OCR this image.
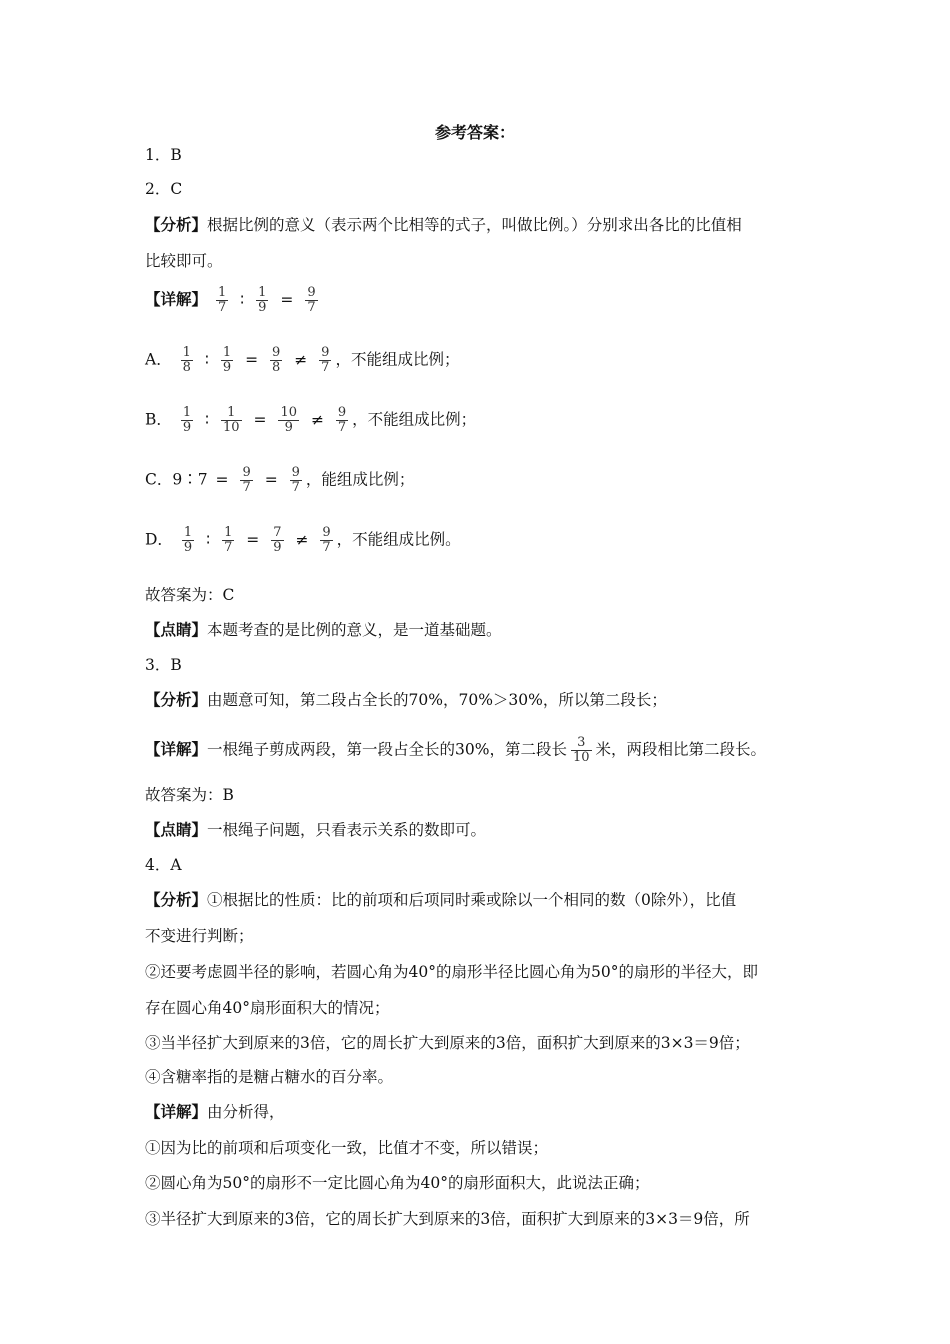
参考答案：
1．B
2．C
【分析】根据比例的意义（表示两个比相等的式子，叫做比例。）分别求出各比的比值相
比较即可。
【详解】 $\frac{1}{7}$ ∶ $\frac{1}{9} = \frac{9}{7}$
A． $\frac{1}{8}$ ∶ $\frac{1}{9} = \frac{9}{8} \ne \frac{9}{7}$ ，不能组成比例；
B． $\frac{1}{9}$ ∶ $\frac{1}{10} = \frac{10}{9} \ne \frac{9}{7}$ ，不能组成比例；
C．9∶7 = $\frac{9}{7} = \frac{9}{7}$ ，能组成比例；
D． $\frac{1}{9}$ ∶ $\frac{1}{7} = \frac{7}{9} \ne \frac{9}{7}$ ，不能组成比例。
故答案为：C
【点睛】本题考查的是比例的意义，是一道基础题。
3．B
【分析】由题意可知，第二段占全长的70%，70%＞30%，所以第二段长；
【详解】一根绳子剪成两段，第一段占全长的30%，第二段长 $\frac{3}{10}$ 米，两段相比第二段长。
故答案为：B
【点睛】一根绳子问题，只看表示关系的数即可。
4．A
【分析】①根据比的性质：比的前项和后项同时乘或除以一个相同的数（0除外），比值
不变进行判断；
②还要考虑圆半径的影响，若圆心角为40°的扇形半径比圆心角为50°的扇形的半径大，即
存在圆心角40°扇形面积大的情况；
③当半径扩大到原来的3倍，它的周长扩大到原来的3倍，面积扩大到原来的3×3＝9倍；
④含糖率指的是糖占糖水的百分率。
【详解】由分析得，
①因为比的前项和后项变化一致，比值才不变，所以错误；
②圆心角为50°的扇形不一定比圆心角为40°的扇形面积大，此说法正确；
③半径扩大到原来的3倍，它的周长扩大到原来的3倍，面积扩大到原来的3×3＝9倍，所
